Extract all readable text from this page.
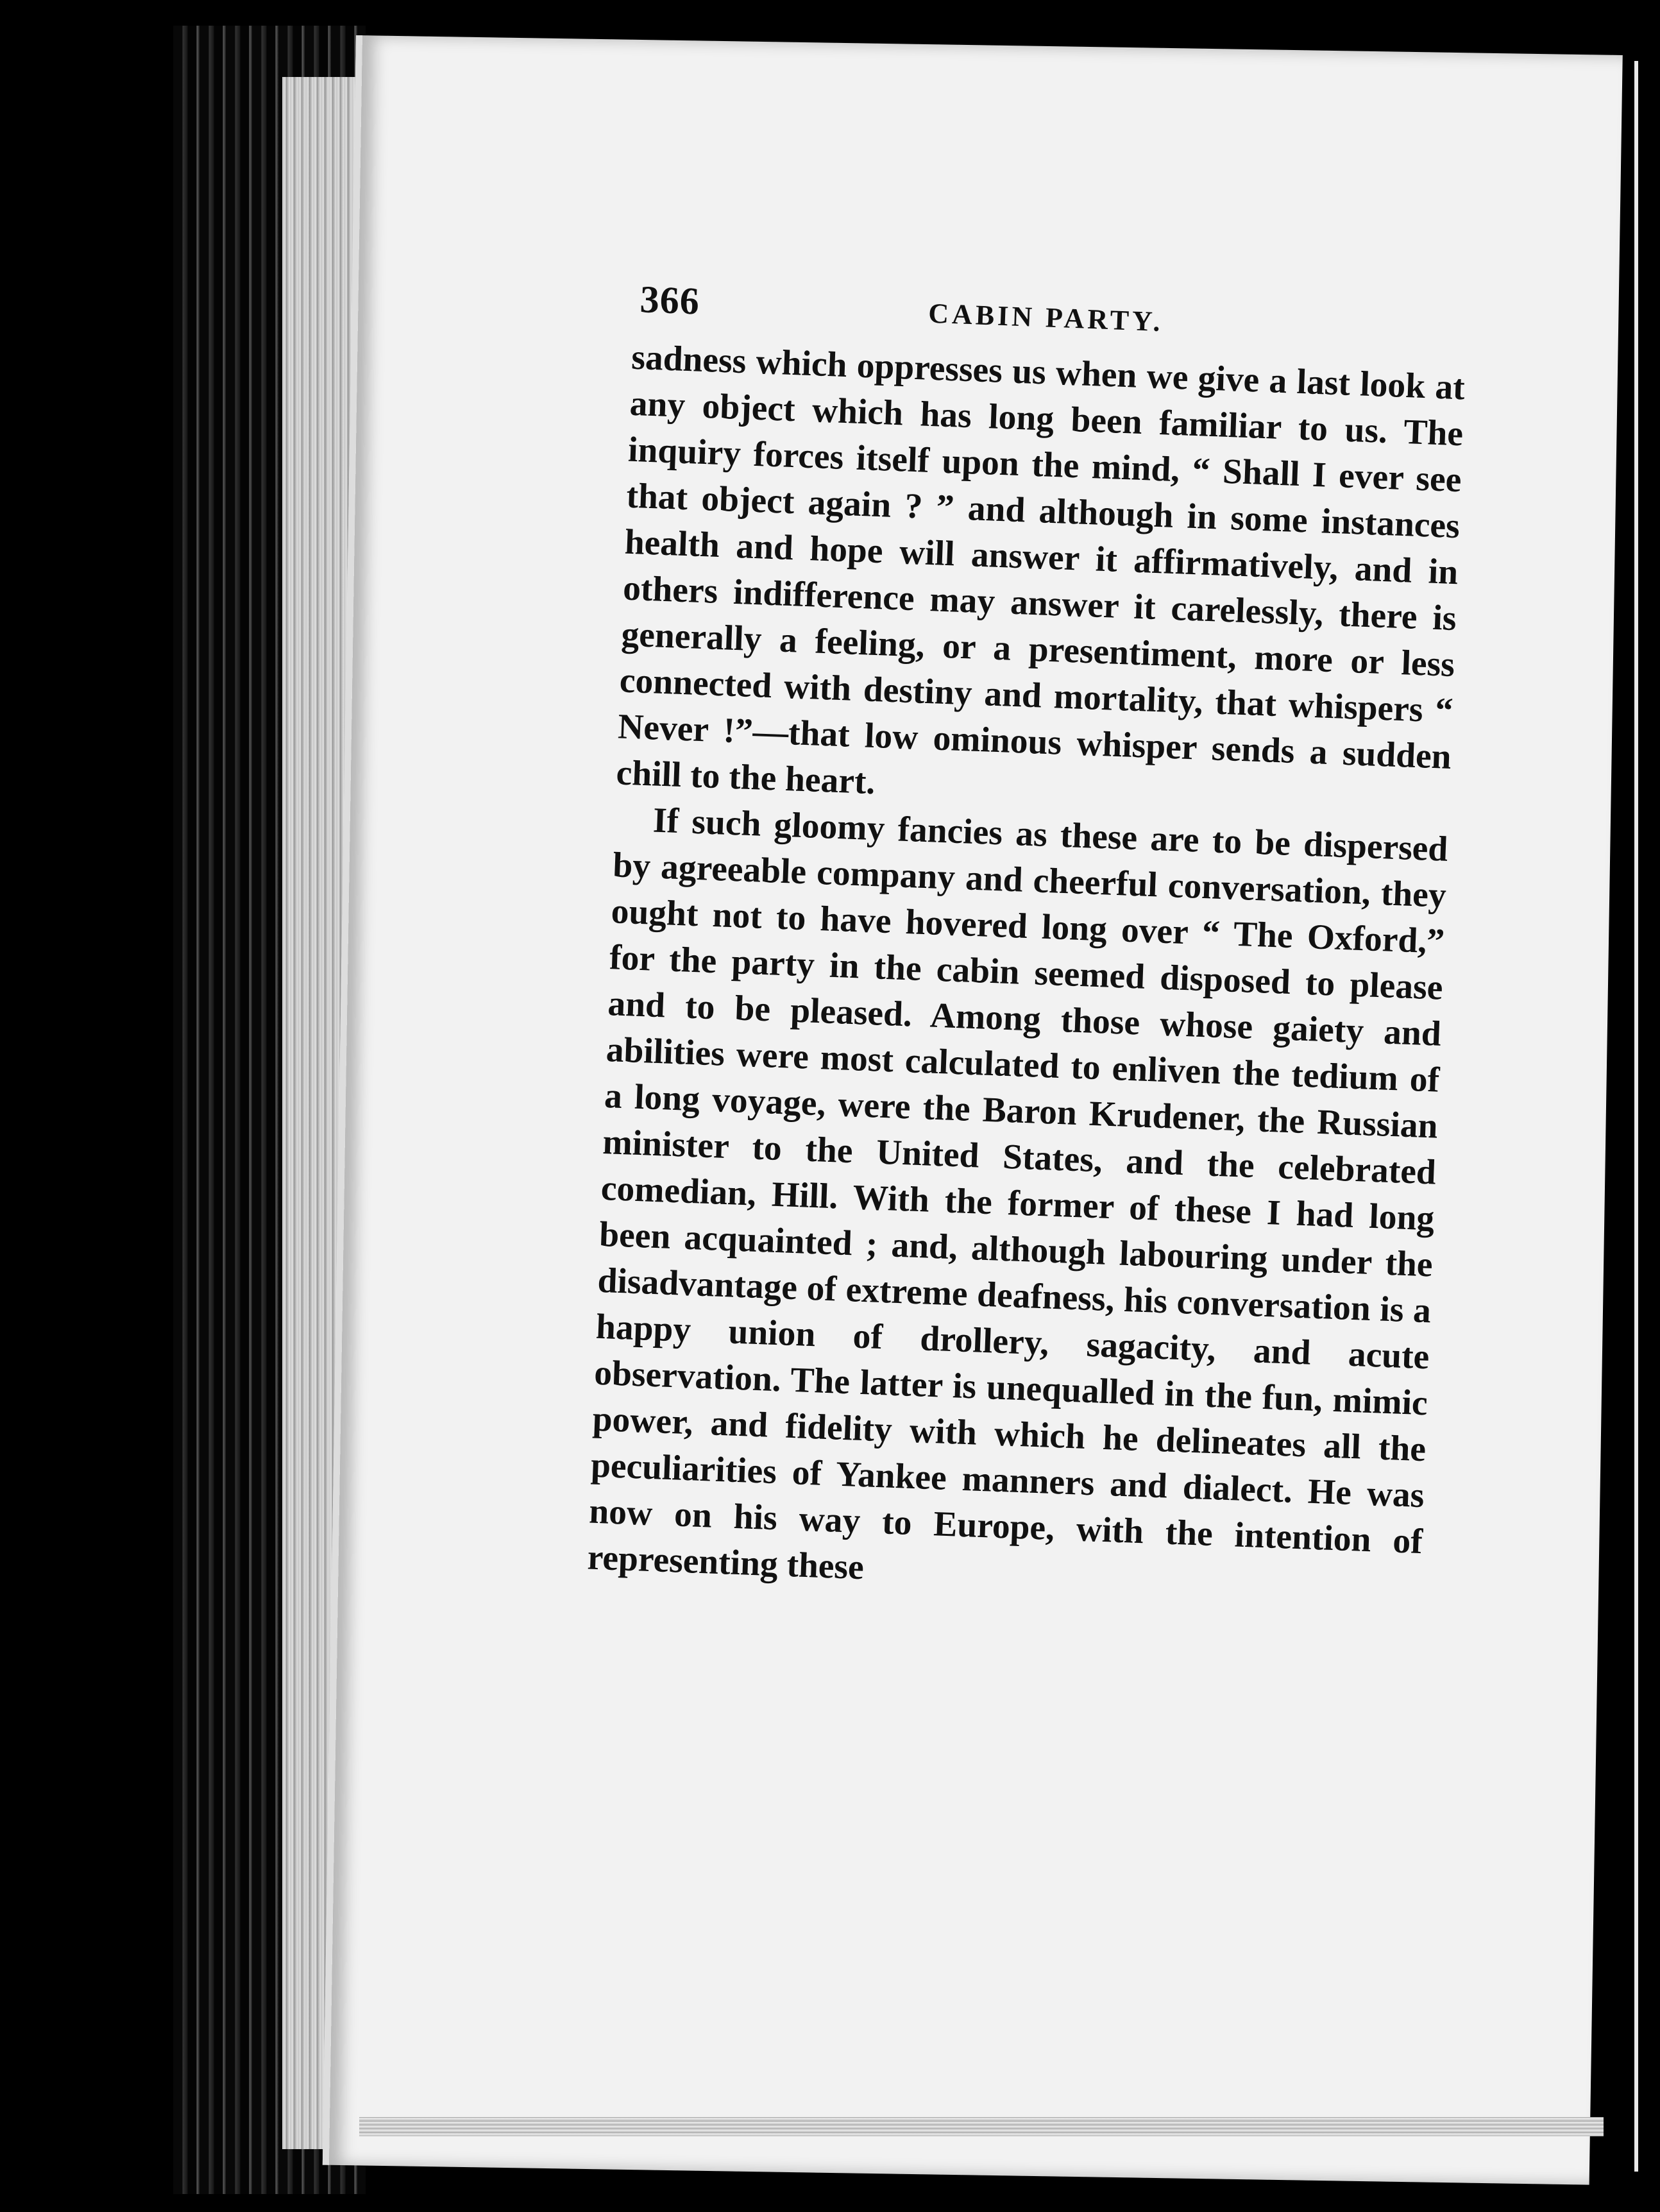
366	CABIN PARTY.

sadness which oppresses us when we give a last look at any object which has long been familiar to us. The inquiry forces itself upon the mind, “ Shall I ever see that object again ? ” and although in some instances health and hope will answer it affirmatively, and in others indifference may answer it carelessly, there is generally a feeling, or a presentiment, more or less connected with destiny and mortality, that whispers “ Never !”—that low ominous whisper sends a sudden chill to the heart.

If such gloomy fancies as these are to be dispersed by agreeable company and cheerful conversation, they ought not to have hovered long over “ The Oxford,” for the party in the cabin seemed disposed to please and to be pleased. Among those whose gaiety and abilities were most calculated to enliven the tedium of a long voyage, were the Baron Krudener, the Russian minister to the United States, and the celebrated comedian, Hill. With the former of these I had long been acquainted ; and, although labouring under the disadvantage of extreme deafness, his conversation is a happy union of drollery, sagacity, and acute observation. The latter is unequalled in the fun, mimic power, and fidelity with which he delineates all the peculiarities of Yankee manners and dialect. He was now on his way to Europe, with the intention of representing these
